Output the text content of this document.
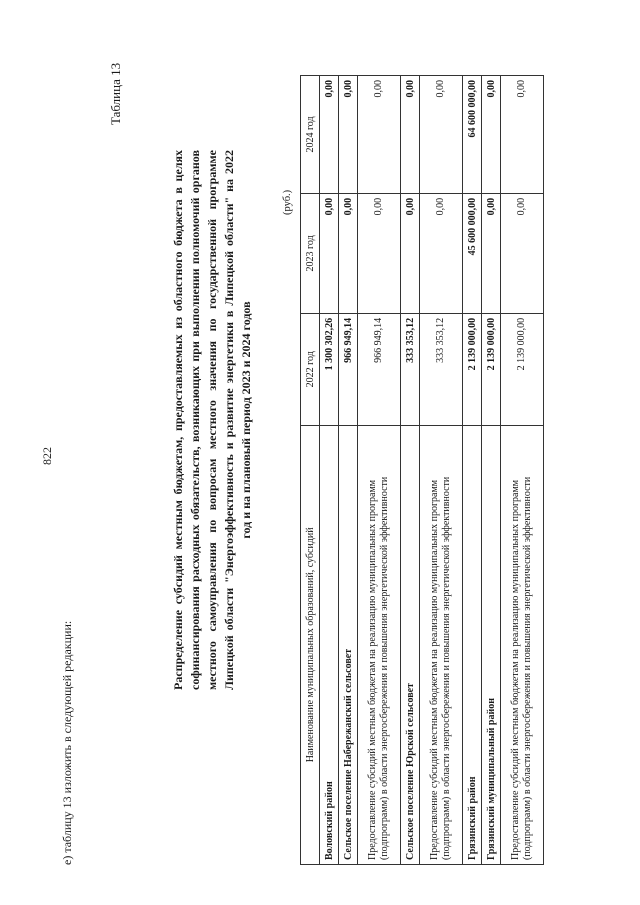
822
Таблица 13
Распределение субсидий местным бюджетам, предоставляемых из областного бюджета в целях софинансирования расходных обязательств, возникающих при выполнении полномочий органов местного самоуправления по вопросам местного значения по государственной программе Липецкой области "Энергоэффективность и развитие энергетики в Липецкой области" на 2022 год и на плановый период 2023 и 2024 годов
е) таблицу 13 изложить в следующей редакции:
(руб.)
Наименование муниципальных образований, субсидий	2022 год	2023 год	2024 год
Воловский район	1 300 302,26	0,00	0,00
Сельское поселение Набережанский сельсовет	966 949,14	0,00	0,00
Предоставление субсидий местным бюджетам на реализацию муниципальных программ (подпрограмм) в области энергосбережения и повышения энергетической эффективности	966 949,14	0,00	0,00
Сельское поселение Юрской сельсовет	333 353,12	0,00	0,00
Предоставление субсидий местным бюджетам на реализацию муниципальных программ (подпрограмм) в области энергосбережения и повышения энергетической эффективности	333 353,12	0,00	0,00
Грязинский район	2 139 000,00	45 600 000,00	64 600 000,00
Грязинский муниципальный район	2 139 000,00	0,00	0,00
Предоставление субсидий местным бюджетам на реализацию муниципальных программ (подпрограмм) в области энергосбережения и повышения энергетической эффективности	2 139 000,00	0,00	0,00
